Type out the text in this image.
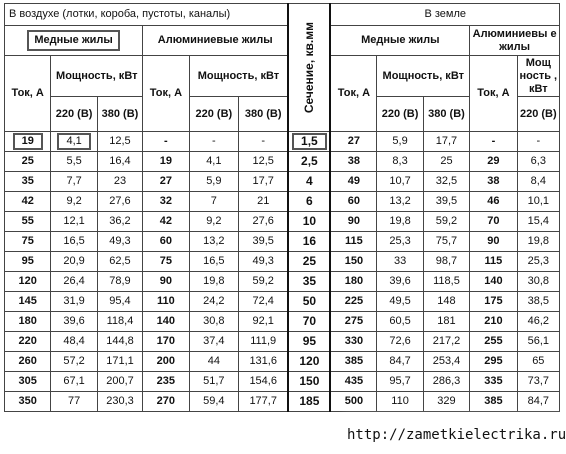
В воздухе (лотки, короба, пустоты, каналы)						Сечение, кв.мм	В земле				
Медные жилы			Алюминиевые жилы				Медные жилы			Алюминиевы е жилы	
Ток, А	Мощность, кВт		Ток, А	Мощность, кВт			Ток, А	Мощность, кВт		Ток, А	Мощ ность , кВт
	220 (В)	380 (В)		220 (В)	380 (В)			220 (В)	380 (В)		220 (В)
19	4,1	12,5	-	-	-	1,5	27	5,9	17,7	-	-
25	5,5	16,4	19	4,1	12,5	2,5	38	8,3	25	29	6,3
35	7,7	23	27	5,9	17,7	4	49	10,7	32,5	38	8,4
42	9,2	27,6	32	7	21	6	60	13,2	39,5	46	10,1
55	12,1	36,2	42	9,2	27,6	10	90	19,8	59,2	70	15,4
75	16,5	49,3	60	13,2	39,5	16	115	25,3	75,7	90	19,8
95	20,9	62,5	75	16,5	49,3	25	150	33	98,7	115	25,3
120	26,4	78,9	90	19,8	59,2	35	180	39,6	118,5	140	30,8
145	31,9	95,4	110	24,2	72,4	50	225	49,5	148	175	38,5
180	39,6	118,4	140	30,8	92,1	70	275	60,5	181	210	46,2
220	48,4	144,8	170	37,4	111,9	95	330	72,6	217,2	255	56,1
260	57,2	171,1	200	44	131,6	120	385	84,7	253,4	295	65
305	67,1	200,7	235	51,7	154,6	150	435	95,7	286,3	335	73,7
350	77	230,3	270	59,4	177,7	185	500	110	329	385	84,7
http://zametkielectrika.ru
